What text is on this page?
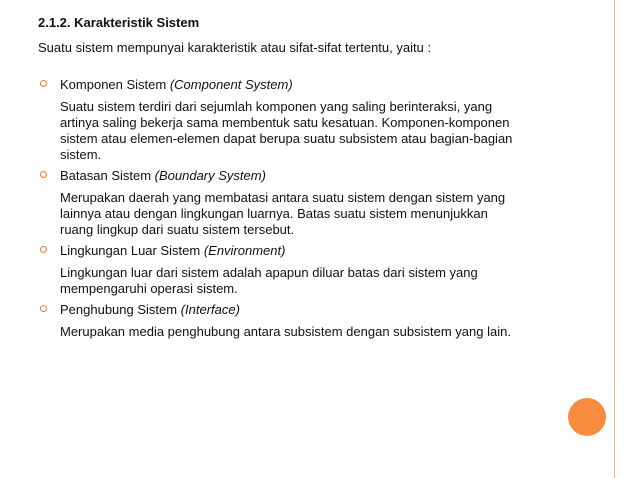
2.1.2. Karakteristik Sistem

Suatu sistem mempunyai karakteristik atau sifat-sifat tertentu, yaitu :

Komponen Sistem (Component System)

Suatu sistem terdiri dari sejumlah komponen yang saling berinteraksi, yang
artinya saling bekerja sama membentuk satu kesatuan. Komponen-komponen
sistem atau elemen-elemen dapat berupa suatu subsistem atau bagian-bagian
sistem.

Batasan Sistem (Boundary System)

Merupakan daerah yang membatasi antara suatu sistem dengan sistem yang
lainnya atau dengan lingkungan luarnya. Batas suatu sistem menunjukkan
ruang lingkup dari suatu sistem tersebut.

Lingkungan Luar Sistem (Environment)

Lingkungan luar dari sistem adalah apapun diluar batas dari sistem yang
mempengaruhi operasi sistem.

Penghubung Sistem (Interface)

Merupakan media penghubung antara subsistem dengan subsistem yang lain.
